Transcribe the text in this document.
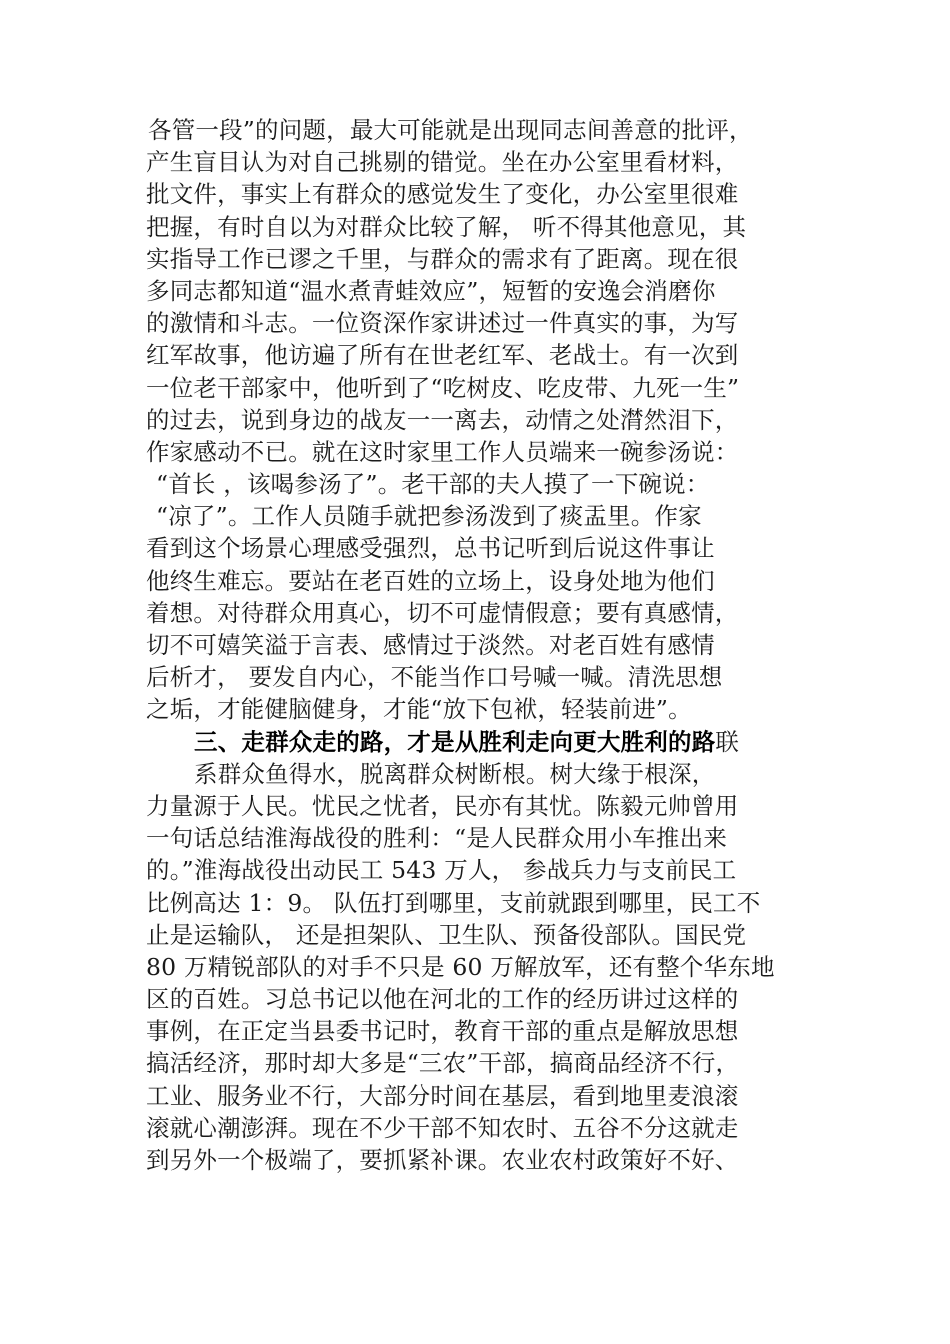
各管一段”的问题，最大可能就是出现同志间善意的批评，
产生盲目认为对自己挑剔的错觉。坐在办公室里看材料，
批文件，事实上有群众的感觉发生了变化，办公室里很难
把握，有时自以为对群众比较了解， 听不得其他意见，其
实指导工作已谬之千里，与群众的需求有了距离。现在很
多同志都知道“温水煮青蛙效应”，短暂的安逸会消磨你
的激情和斗志。一位资深作家讲述过一件真实的事，为写
红军故事，他访遍了所有在世老红军、老战士。有一次到
一位老干部家中，他听到了“吃树皮、吃皮带、九死一生”
的过去，说到身边的战友一一离去，动情之处潸然泪下，
作家感动不已。就在这时家里工作人员端来一碗参汤说：
“首长 ，该喝参汤了”。老干部的夫人摸了一下碗说：
“凉了”。工作人员随手就把参汤泼到了痰盂里。作家
看到这个场景心理感受强烈，总书记听到后说这件事让
他终生难忘。要站在老百姓的立场上，设身处地为他们
着想。对待群众用真心，切不可虚情假意；要有真感情，
切不可嬉笑溢于言表、感情过于淡然。对老百姓有感情
后析才， 要发自内心，不能当作口号喊一喊。清洗思想
之垢，才能健脑健身，才能“放下包袱，轻装前进”。
三、走群众走的路，才是从胜利走向更大胜利的路联
系群众鱼得水，脱离群众树断根。树大缘于根深，
力量源于人民。忧民之忧者，民亦有其忧。陈毅元帅曾用
一句话总结淮海战役的胜利：“是人民群众用小车推出来
的。”淮海战役出动民工 543 万人， 参战兵力与支前民工
比例高达 1：9。 队伍打到哪里，支前就跟到哪里，民工不
止是运输队， 还是担架队、卫生队、预备役部队。国民党
80 万精锐部队的对手不只是 60 万解放军，还有整个华东地
区的百姓。习总书记以他在河北的工作的经历讲过这样的
事例，在正定当县委书记时，教育干部的重点是解放思想
搞活经济，那时却大多是“三农”干部，搞商品经济不行，
工业、服务业不行，大部分时间在基层，看到地里麦浪滚
滚就心潮澎湃。现在不少干部不知农时、五谷不分这就走
到另外一个极端了，要抓紧补课。农业农村政策好不好、
